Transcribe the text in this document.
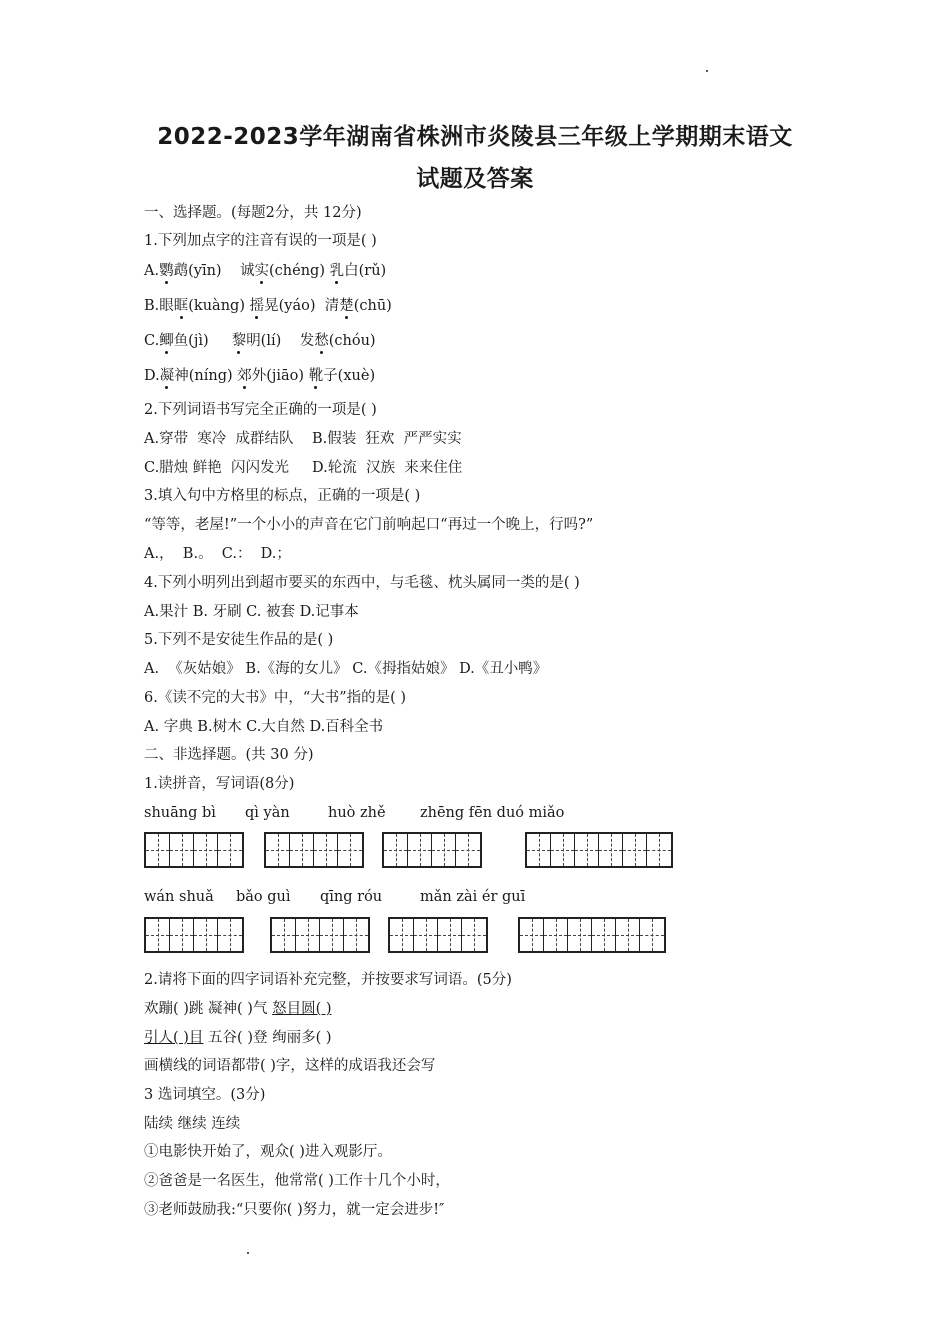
2022-2023学年湖南省株洲市炎陵县三年级上学期期末语文
试题及答案
一、选择题。(每题2分，共 12分)
1.下列加点字的注音有误的一项是( )
A.鹦鹉(yīn)    诚实(chéng) 乳白(rǔ)
B.眼眶(kuàng) 摇晃(yáo)  清楚(chū)
C.鲫鱼(jì)     黎明(lí)    发愁(chóu)
D.凝神(níng) 郊外(jiāo) 靴子(xuè)
2.下列词语书写完全正确的一项是( )
A.穿带  寒冷  成群结队    B.假装  狂欢  严严实实
C.腊烛 鲜艳  闪闪发光     D.轮流  汉族  来来住住
3.填入句中方格里的标点，正确的一项是( )
“等等，老屋!”一个小小的声音在它门前响起口“再过一个晚上，行吗?”
A.，  B.。  C.：  D.；
4.下列小明列出到超市要买的东西中，与毛毯、枕头属同一类的是( )
A.果汁 B. 牙刷 C. 被套 D.记事本
5.下列不是安徒生作品的是( )
A.  《灰姑娘》 B.《海的女儿》 C.《拇指姑娘》 D.《丑小鸭》
6.《读不完的大书》中，“大书”指的是( )
A. 字典 B.树木 C.大自然 D.百科全书
二、非选择题。(共 30 分)
1.读拼音，写词语(8分)
shuāng bì qì yàn	huò zhě zhēng fēn duó miǎo
wán shuǎ bǎo guì qīng róu	mǎn zài ér guī
2.请将下面的四字词语补充完整，并按要求写词语。(5分)
欢蹦( )跳 凝神( )气 怒目圆( )
引人( )目 五谷( )登 绚丽多( )
画横线的词语都带( )字，这样的成语我还会写
3 选词填空。(3分)
陆续 继续 连续
①电影快开始了，观众( )进入观影厅。
②爸爸是一名医生，他常常( )工作十几个小时，
③老师鼓励我:“只要你( )努力，就一定会进步!″
